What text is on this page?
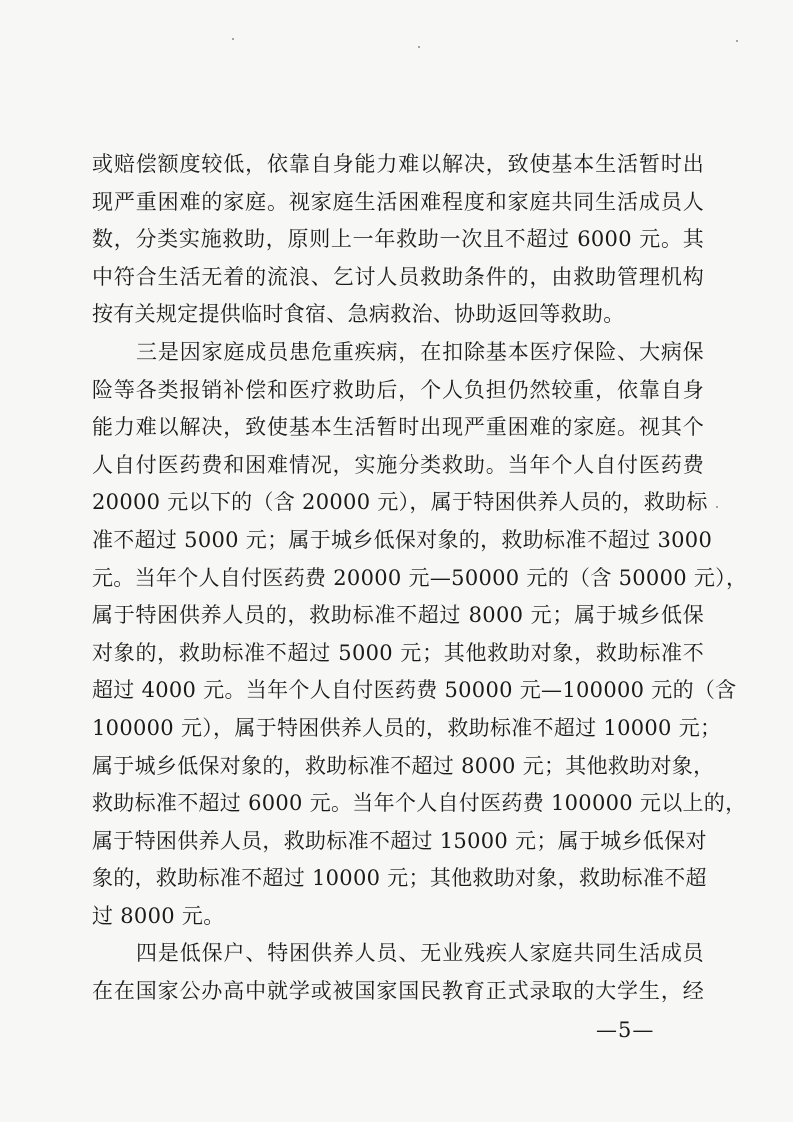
或赔偿额度较低，依靠自身能力难以解决，致使基本生活暂时出
现严重困难的家庭。视家庭生活困难程度和家庭共同生活成员人
数，分类实施救助，原则上一年救助一次且不超过 6000 元。其
中符合生活无着的流浪、乞讨人员救助条件的，由救助管理机构
按有关规定提供临时食宿、急病救治、协助返回等救助。
三是因家庭成员患危重疾病，在扣除基本医疗保险、大病保
险等各类报销补偿和医疗救助后，个人负担仍然较重，依靠自身
能力难以解决，致使基本生活暂时出现严重困难的家庭。视其个
人自付医药费和困难情况，实施分类救助。当年个人自付医药费
20000 元以下的（含 20000 元），属于特困供养人员的，救助标
准不超过 5000 元；属于城乡低保对象的，救助标准不超过 3000
元。当年个人自付医药费 20000 元—50000 元的（含 50000 元），
属于特困供养人员的，救助标准不超过 8000 元；属于城乡低保
对象的，救助标准不超过 5000 元；其他救助对象，救助标准不
超过 4000 元。当年个人自付医药费 50000 元—100000 元的（含
100000 元），属于特困供养人员的，救助标准不超过 10000 元；
属于城乡低保对象的，救助标准不超过 8000 元；其他救助对象，
救助标准不超过 6000 元。当年个人自付医药费 100000 元以上的，
属于特困供养人员，救助标准不超过 15000 元；属于城乡低保对
象的，救助标准不超过 10000 元；其他救助对象，救助标准不超
过 8000 元。
四是低保户、特困供养人员、无业残疾人家庭共同生活成员
在在国家公办高中就学或被国家国民教育正式录取的大学生，经
—5—
